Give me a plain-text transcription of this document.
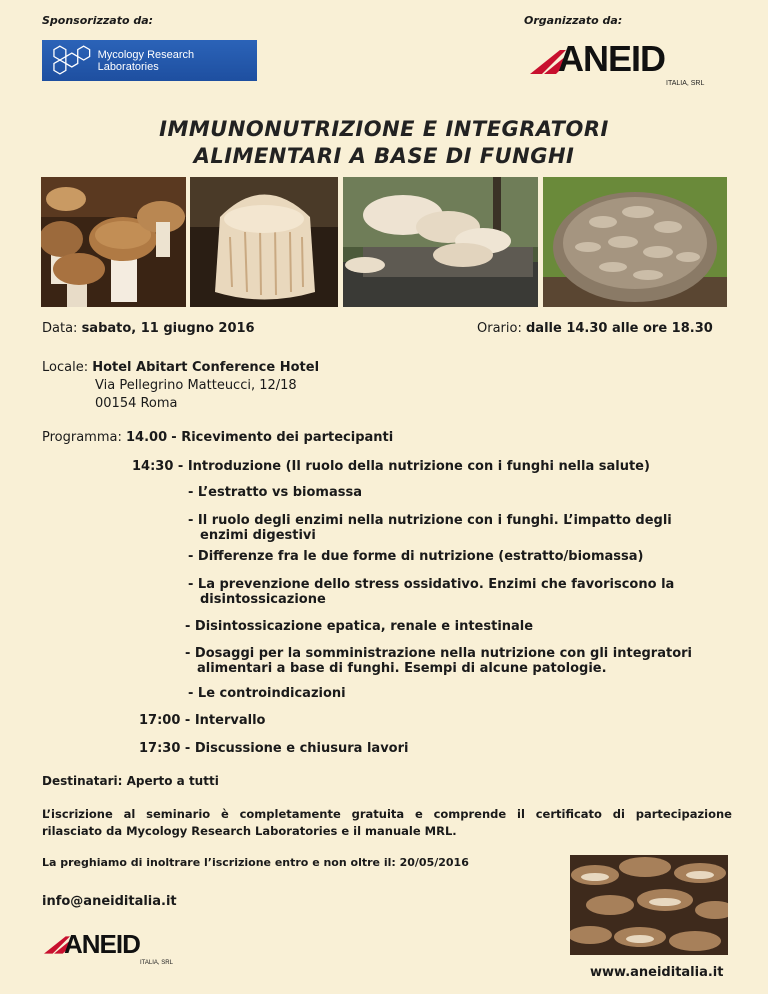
Sponsorizzato da:	Organizzato da:
Mycology Research Laboratories	ANEID
ITALIA, SRL
IMMUNONUTRIZIONE E INTEGRATORI
ALIMENTARI A BASE DI FUNGHI
Data: sabato, 11 giugno 2016	Orario: dalle 14.30 alle ore 18.30
Locale: Hotel Abitart Conference Hotel
Via Pellegrino Matteucci, 12/18
00154 Roma
Programma: 14.00 - Ricevimento dei partecipanti
14:30 - Introduzione (Il ruolo della nutrizione con i funghi nella salute)
- L’estratto vs biomassa
- Il ruolo degli enzimi nella nutrizione con i funghi. L’impatto degli
enzimi digestivi
- Differenze fra le due forme di nutrizione (estratto/biomassa)
- La prevenzione dello stress ossidativo. Enzimi che favoriscono la
disintossicazione
- Disintossicazione epatica, renale e intestinale
- Dosaggi per la somministrazione nella nutrizione con gli integratori
alimentari a base di funghi. Esempi di alcune patologie.
- Le controindicazioni
17:00 - Intervallo
17:30 - Discussione e chiusura lavori
Destinatari: Aperto a tutti
L’iscrizione al seminario è completamente gratuita e comprende il certificato di partecipazione
rilasciato da Mycology Research Laboratories e il manuale MRL.
La preghiamo di inoltrare l’iscrizione entro e non oltre il: 20/05/2016
info@aneiditalia.it
ANEID
ITALIA, SRL
www.aneiditalia.it
